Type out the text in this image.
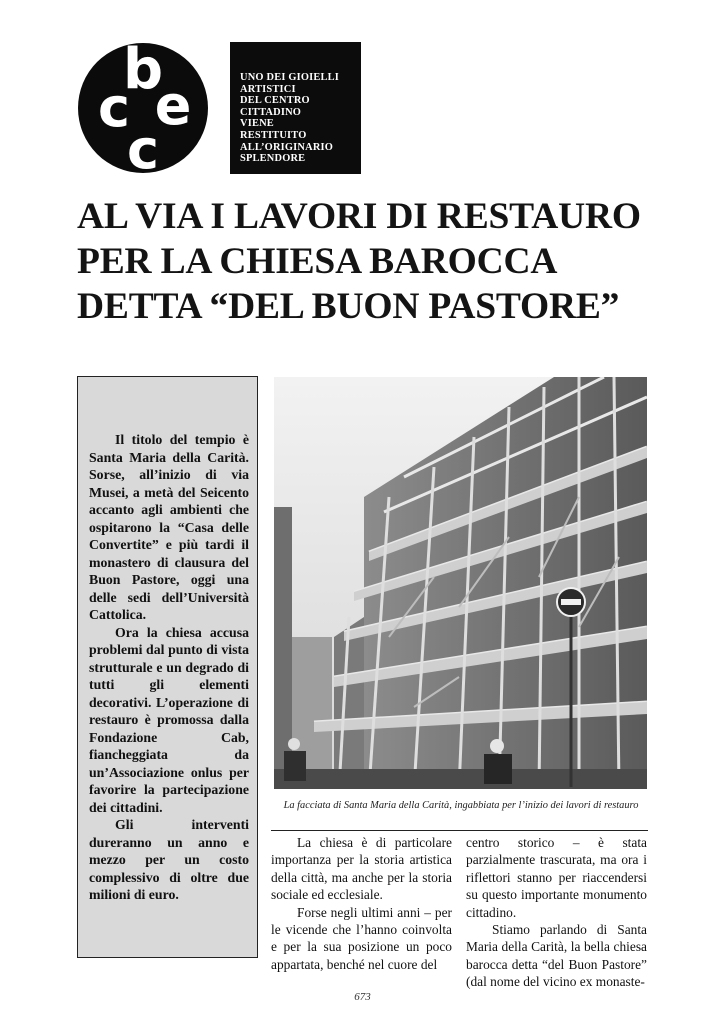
b
c e
c
UNO DEI GIOIELLI
ARTISTICI
DEL CENTRO
CITTADINO
VIENE
RESTITUITO
ALL’ORIGINARIO
SPLENDORE
AL VIA I LAVORI DI RESTAURO
PER LA CHIESA BAROCCA
DETTA “DEL BUON PASTORE”

Il titolo del tempio è Santa Maria della Carità. Sorse, all’inizio di via Musei, a metà del Seicento accanto agli ambienti che ospitarono la “Casa delle Convertite” e più tardi il monastero di clausura del Buon Pastore, oggi una delle sedi dell’Università Cattolica.

Ora la chiesa accusa problemi dal punto di vista strutturale e un degrado di tutti gli elementi decorativi. L’operazione di restauro è promossa dalla Fondazione Cab, fiancheggiata da un’Associazione onlus per favorire la partecipazione dei cittadini.

Gli interventi dureranno un anno e mezzo per un costo complessivo di oltre due milioni di euro.

La facciata di Santa Maria della Carità, ingabbiata per l’inizio dei lavori di restauro

La chiesa è di particolare importanza per la storia artistica della città, ma anche per la storia sociale ed ecclesiale.

Forse negli ultimi anni – per le vicende che l’hanno coinvolta e per la sua posizione un poco appartata, benché nel cuore del

centro storico – è stata parzialmente trascurata, ma ora i riflettori stanno per riaccendersi su questo importante monumento cittadino.

Stiamo parlando di Santa Maria della Carità, la bella chiesa barocca detta “del Buon Pastore” (dal nome del vicino ex monaste-

673
